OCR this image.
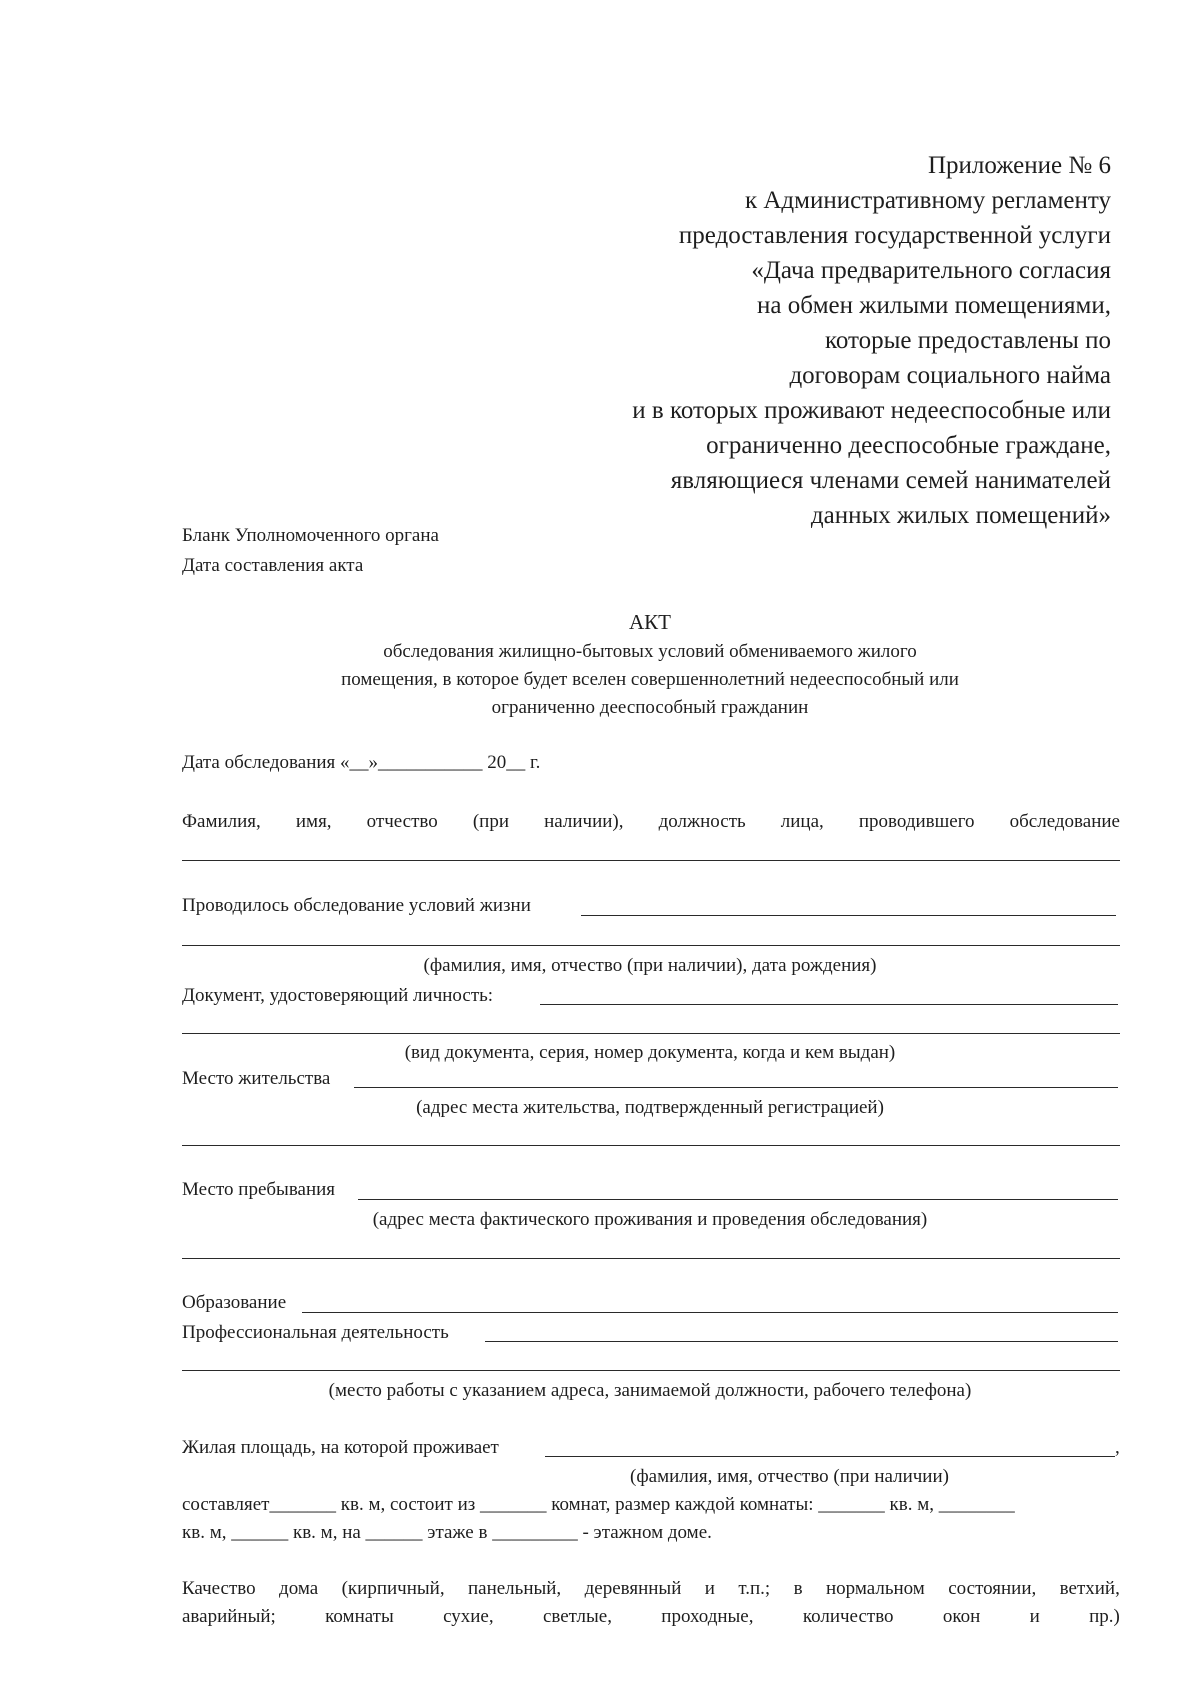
Приложение № 6
к Административному регламенту
предоставления государственной услуги
«Дача предварительного согласия
на обмен жилыми помещениями,
которые предоставлены по
договорам социального найма
и в которых проживают недееспособные или
ограниченно дееспособные граждане,
являющиеся членами семей нанимателей
данных жилых помещений»
Бланк Уполномоченного органа
Дата составления акта
АКТ
обследования жилищно-бытовых условий обмениваемого жилого
помещения, в которое будет вселен совершеннолетний недееспособный или
ограниченно дееспособный гражданин
Дата обследования «__»___________ 20__ г.
Фамилия, имя, отчество (при наличии), должность лица, проводившего обследование
Проводилось обследование условий жизни
(фамилия, имя, отчество (при наличии), дата рождения)
Документ, удостоверяющий личность:
(вид документа, серия, номер документа, когда и кем выдан)
Место жительства
(адрес места жительства, подтвержденный регистрацией)
Место пребывания
(адрес места фактического проживания и проведения обследования)
Образование
Профессиональная деятельность
(место работы с указанием адреса, занимаемой должности, рабочего телефона)
Жилая площадь, на которой проживает	,
(фамилия, имя, отчество (при наличии)
составляет_______ кв. м, состоит из _______ комнат, размер каждой комнаты: _______ кв. м, ________
кв. м, ______ кв. м, на ______ этаже в _________ - этажном доме.
Качество дома (кирпичный, панельный, деревянный и т.п.; в нормальном состоянии, ветхий,
аварийный;	комнаты	сухие,	светлые,	проходные,	количество	окон	и	пр.)
